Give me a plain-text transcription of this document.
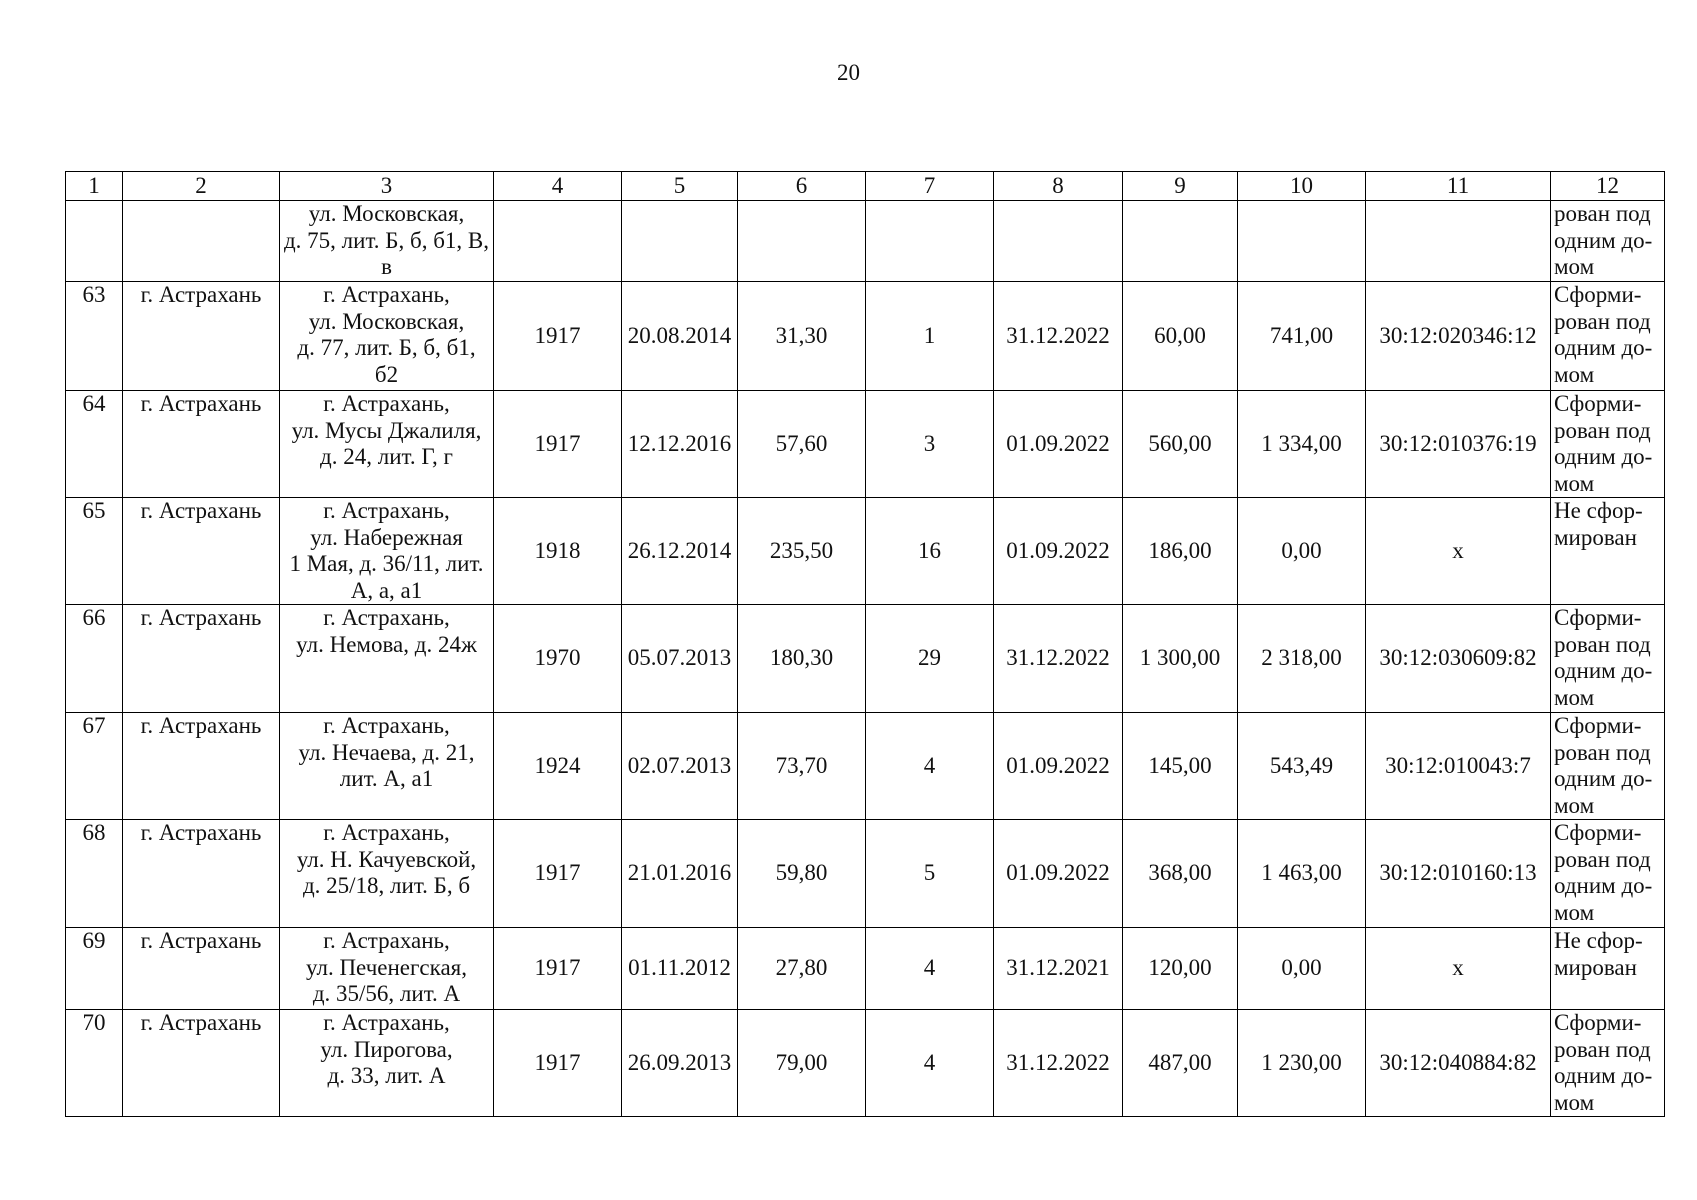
20
1	2	3	4	5	6	7	8	9	10	11	12
		ул. Московская,
д. 75, лит. Б, б, б1, В,
в									рован под
одним до-
мом
63	г. Астрахань	г. Астрахань,
ул. Московская,
д. 77, лит. Б, б, б1,
б2	1917	20.08.2014	31,30	1	31.12.2022	60,00	741,00	30:12:020346:12	Сформи-
рован под
одним до-
мом
64	г. Астрахань	г. Астрахань,
ул. Мусы Джалиля,
д. 24, лит. Г, г	1917	12.12.2016	57,60	3	01.09.2022	560,00	1 334,00	30:12:010376:19	Сформи-
рован под
одним до-
мом
65	г. Астрахань	г. Астрахань,
ул. Набережная
1 Мая, д. 36/11, лит.
А, а, а1	1918	26.12.2014	235,50	16	01.09.2022	186,00	0,00	х	Не сфор-
мирован
66	г. Астрахань	г. Астрахань,
ул. Немова, д. 24ж	1970	05.07.2013	180,30	29	31.12.2022	1 300,00	2 318,00	30:12:030609:82	Сформи-
рован под
одним до-
мом
67	г. Астрахань	г. Астрахань,
ул. Нечаева, д. 21,
лит. А, а1	1924	02.07.2013	73,70	4	01.09.2022	145,00	543,49	30:12:010043:7	Сформи-
рован под
одним до-
мом
68	г. Астрахань	г. Астрахань,
ул. Н. Качуевской,
д. 25/18, лит. Б, б	1917	21.01.2016	59,80	5	01.09.2022	368,00	1 463,00	30:12:010160:13	Сформи-
рован под
одним до-
мом
69	г. Астрахань	г. Астрахань,
ул. Печенегская,
д. 35/56, лит. А	1917	01.11.2012	27,80	4	31.12.2021	120,00	0,00	х	Не сфор-
мирован
70	г. Астрахань	г. Астрахань,
ул. Пирогова,
д. 33, лит. А	1917	26.09.2013	79,00	4	31.12.2022	487,00	1 230,00	30:12:040884:82	Сформи-
рован под
одним до-
мом
